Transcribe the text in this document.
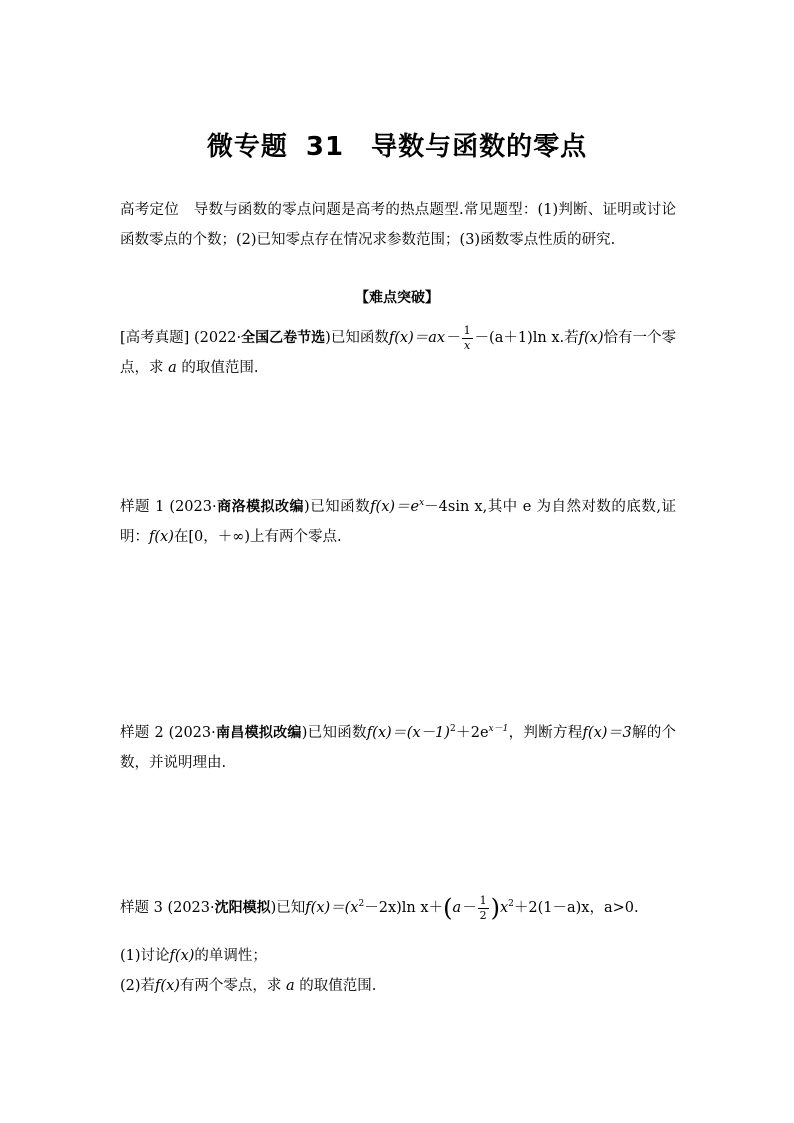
微专题 31　导数与函数的零点
高考定位　 导数与函数的零点问题是高考的热点题型.常见题型：(1)判断、证明或讨论函数零点的个数；(2)已知零点存在情况求参数范围；(3)函数零点性质的研究.
【难点突破】
[高考真题] (2022·全国乙卷节选)已知函数$f(x)=ax- \frac{1}{x} -(a+1)\ln$ x.若f(x)恰有一个零点，求 a 的取值范围.
样题 1 (2023·商洛模拟改编)已知函数$f(x)=e^x-4\sin$ x,其中 e 为自然对数的底数,证明：f(x)在[0，＋∞)上有两个零点.
样题 2 (2023·南昌模拟改编)已知函数$f(x)=(x-1)^2+2e^{x-1}$，判断方程f(x)＝3解的个数，并说明理由.
样题 3 (2023·沈阳模拟)已知$f(x)=(x^2-2x)\ln$ $x+(a- \frac{1}{2} )x^2+2(1-a)x$，a>0.
(1)讨论f(x)的单调性；
(2)若f(x)有两个零点，求 a 的取值范围.
